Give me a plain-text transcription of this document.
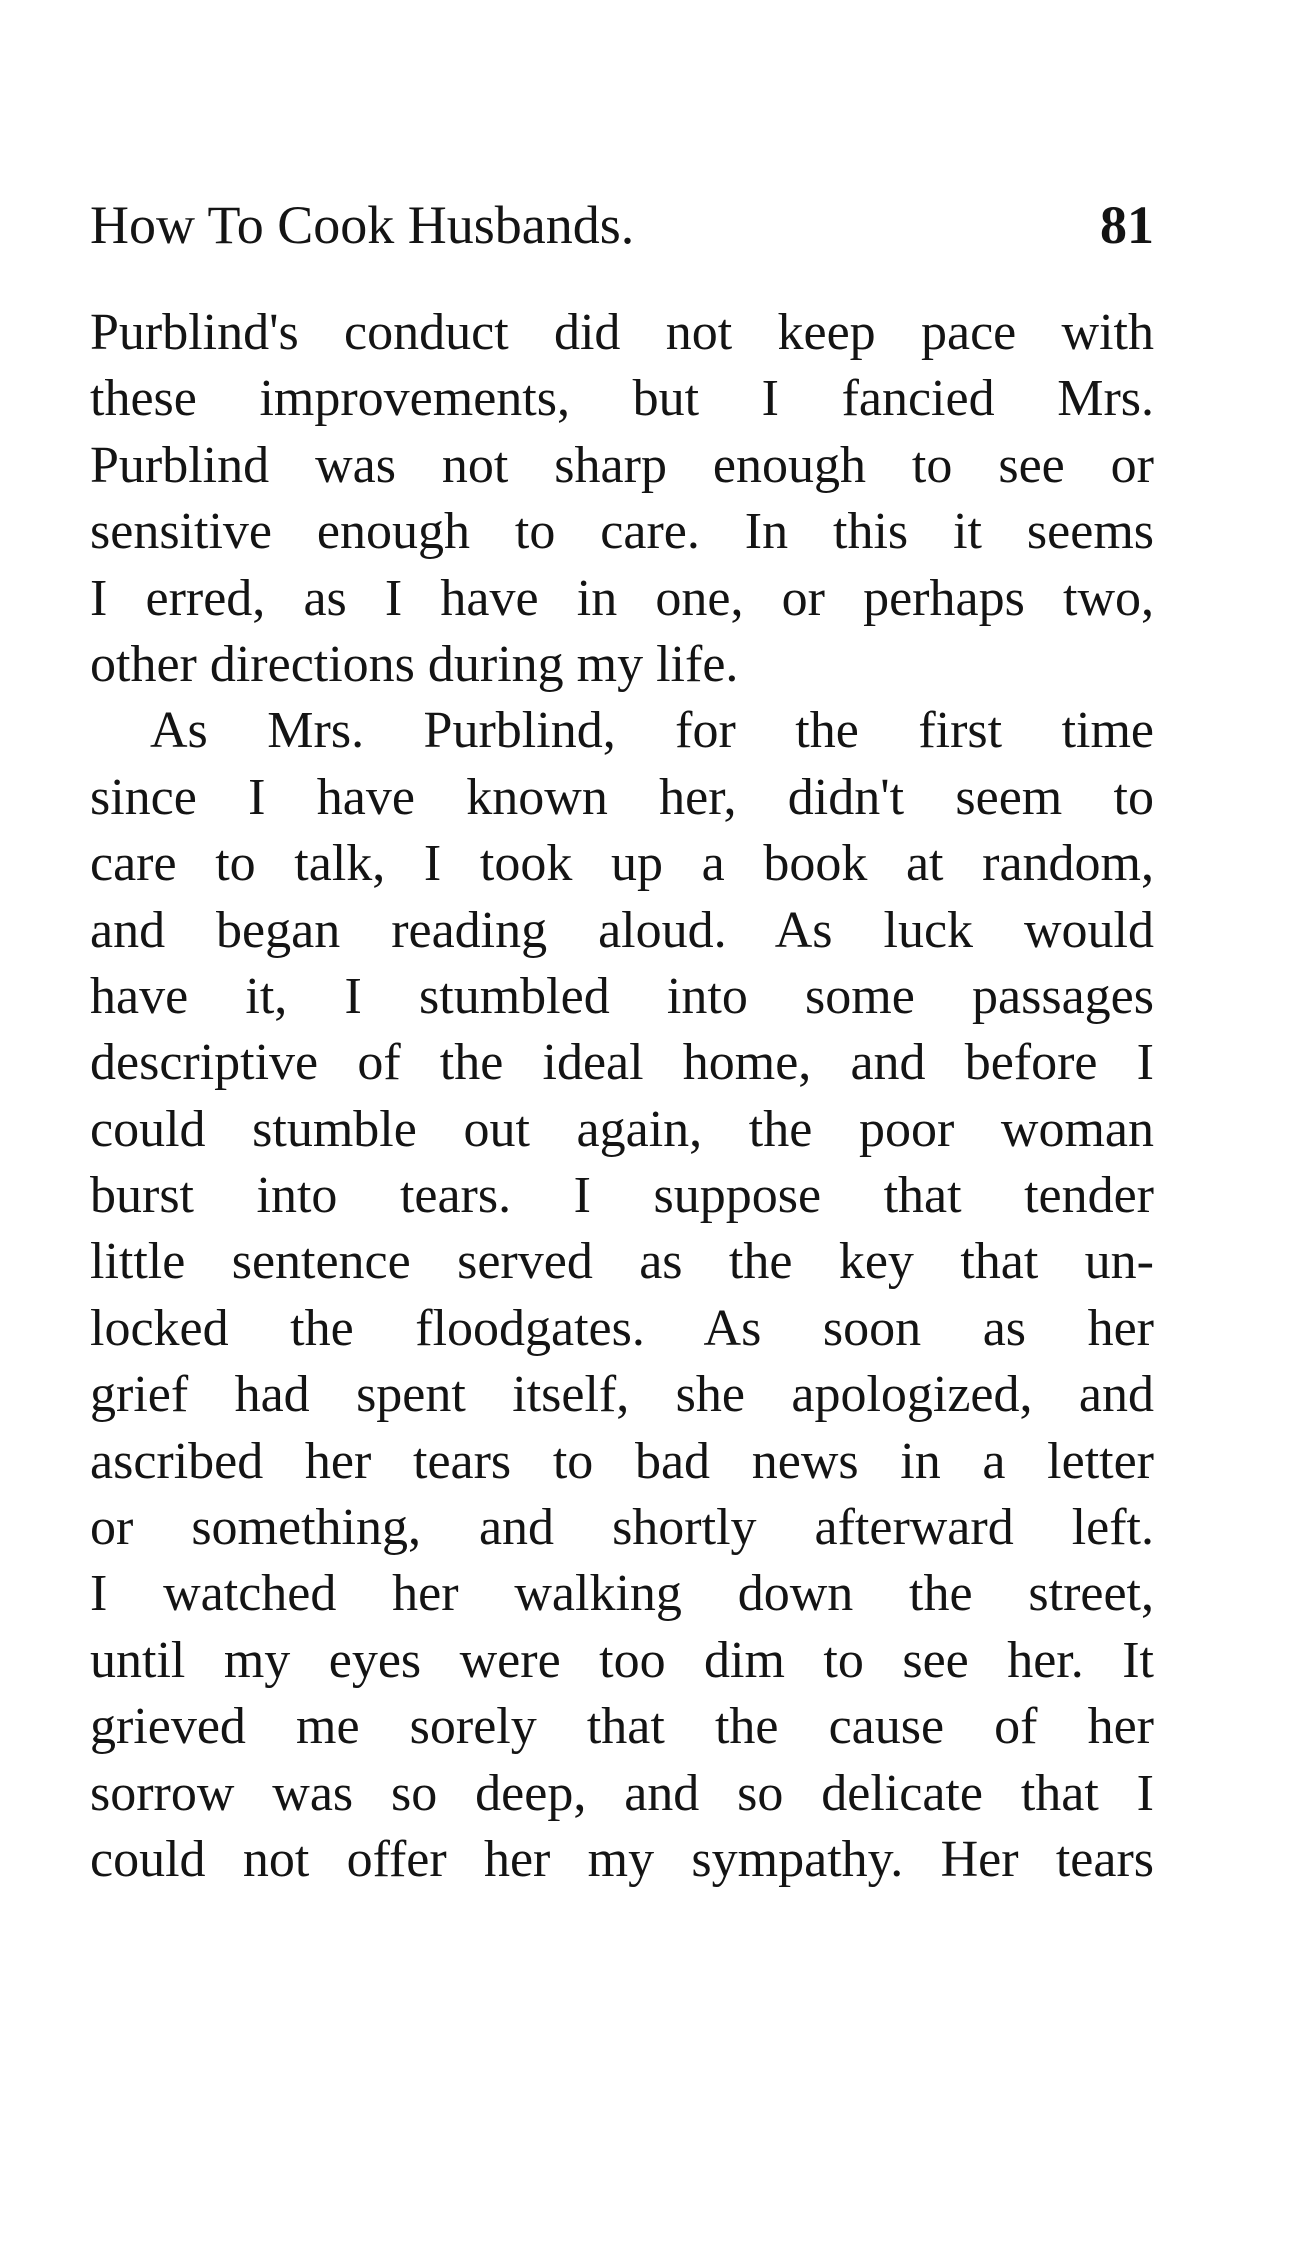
How To Cook Husbands.	81
Purblind's conduct did not keep pace with
these improvements, but I fancied Mrs.
Purblind was not sharp enough to see or
sensitive enough to care. In this it seems
I erred, as I have in one, or perhaps two,
other directions during my life.
As Mrs. Purblind, for the first time
since I have known her, didn't seem to
care to talk, I took up a book at random,
and began reading aloud. As luck would
have it, I stumbled into some passages
descriptive of the ideal home, and before I
could stumble out again, the poor woman
burst into tears. I suppose that tender
little sentence served as the key that un-
locked the floodgates. As soon as her
grief had spent itself, she apologized, and
ascribed her tears to bad news in a letter
or something, and shortly afterward left.
I watched her walking down the street,
until my eyes were too dim to see her. It
grieved me sorely that the cause of her
sorrow was so deep, and so delicate that I
could not offer her my sympathy. Her tears
